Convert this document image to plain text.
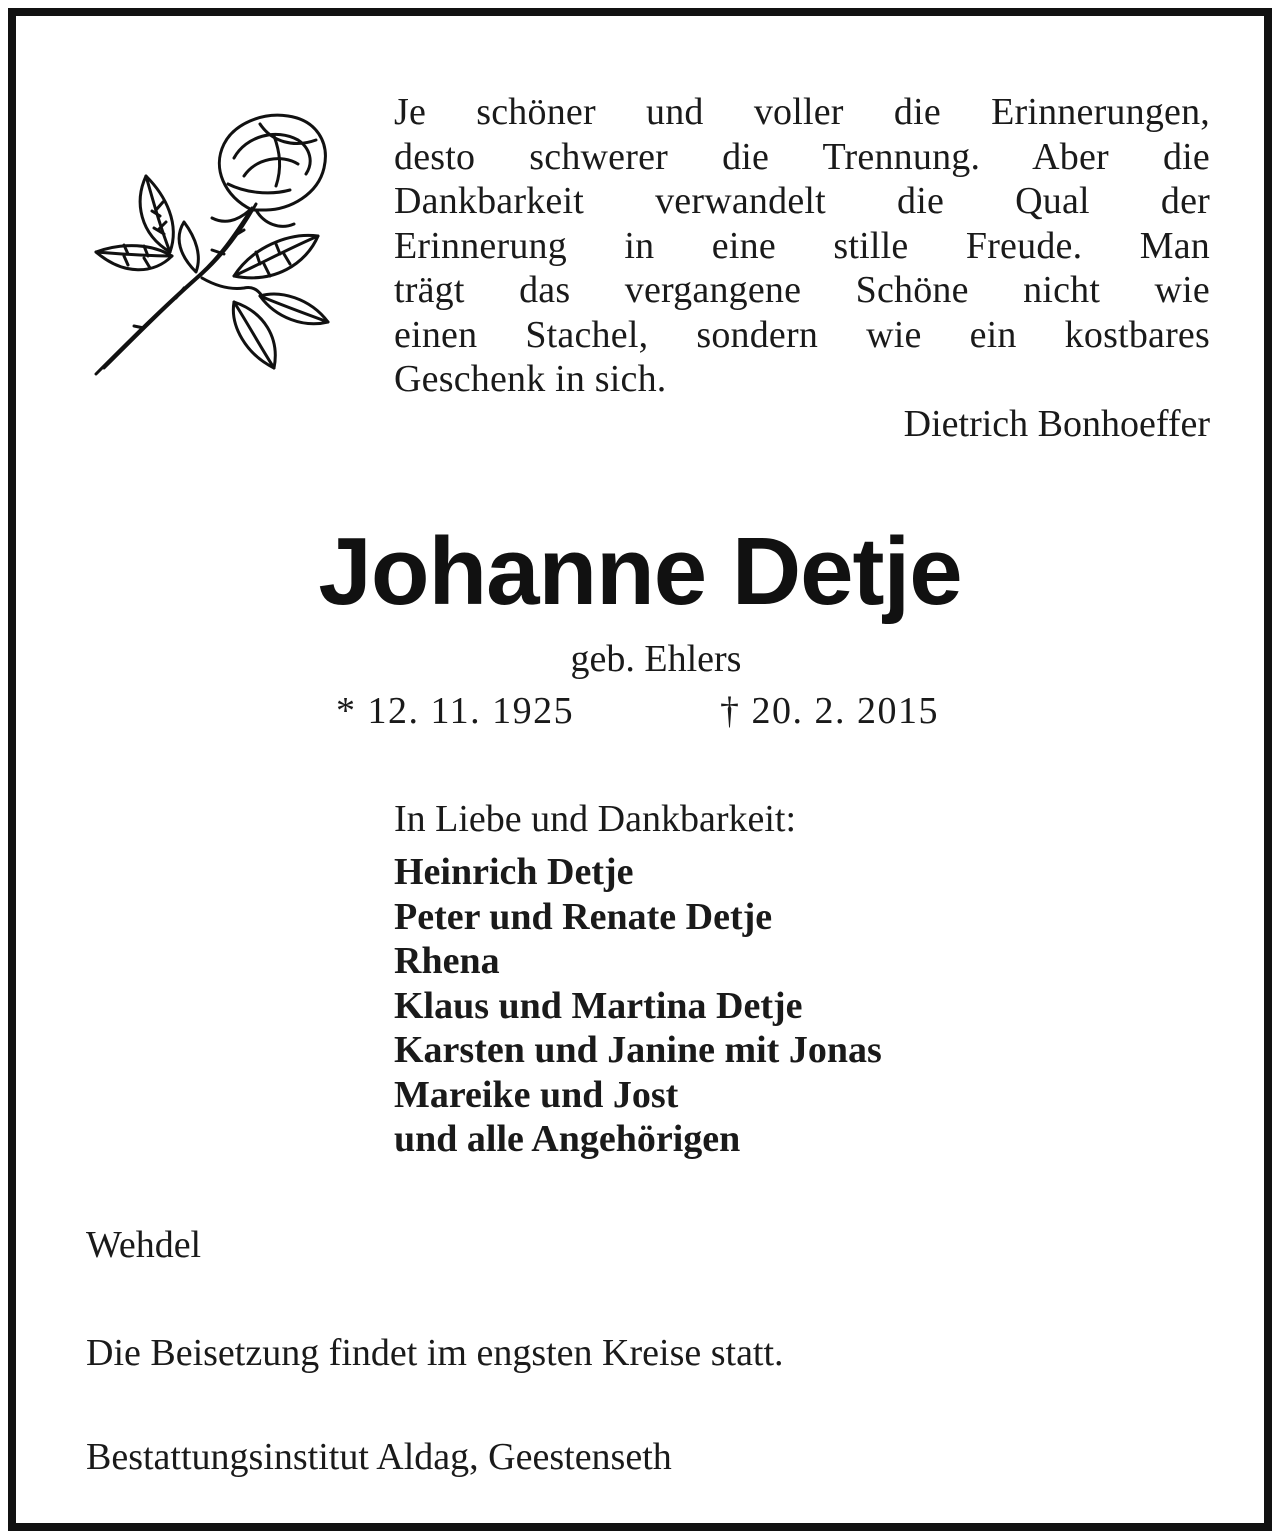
Je schöner und voller die Erinnerungen,
desto schwerer die Trennung. Aber die
Dankbarkeit verwandelt die Qual der
Erinnerung in eine stille Freude. Man
trägt das vergangene Schöne nicht wie
einen Stachel, sondern wie ein kostbares
Geschenk in sich.
Dietrich Bonhoeffer
Johanne Detje
geb. Ehlers
* 12. 11. 1925	† 20. 2. 2015
In Liebe und Dankbarkeit:
Heinrich Detje
Peter und Renate Detje
Rhena
Klaus und Martina Detje
Karsten und Janine mit Jonas
Mareike und Jost
und alle Angehörigen
Wehdel
Die Beisetzung findet im engsten Kreise statt.
Bestattungsinstitut Aldag, Geestenseth
